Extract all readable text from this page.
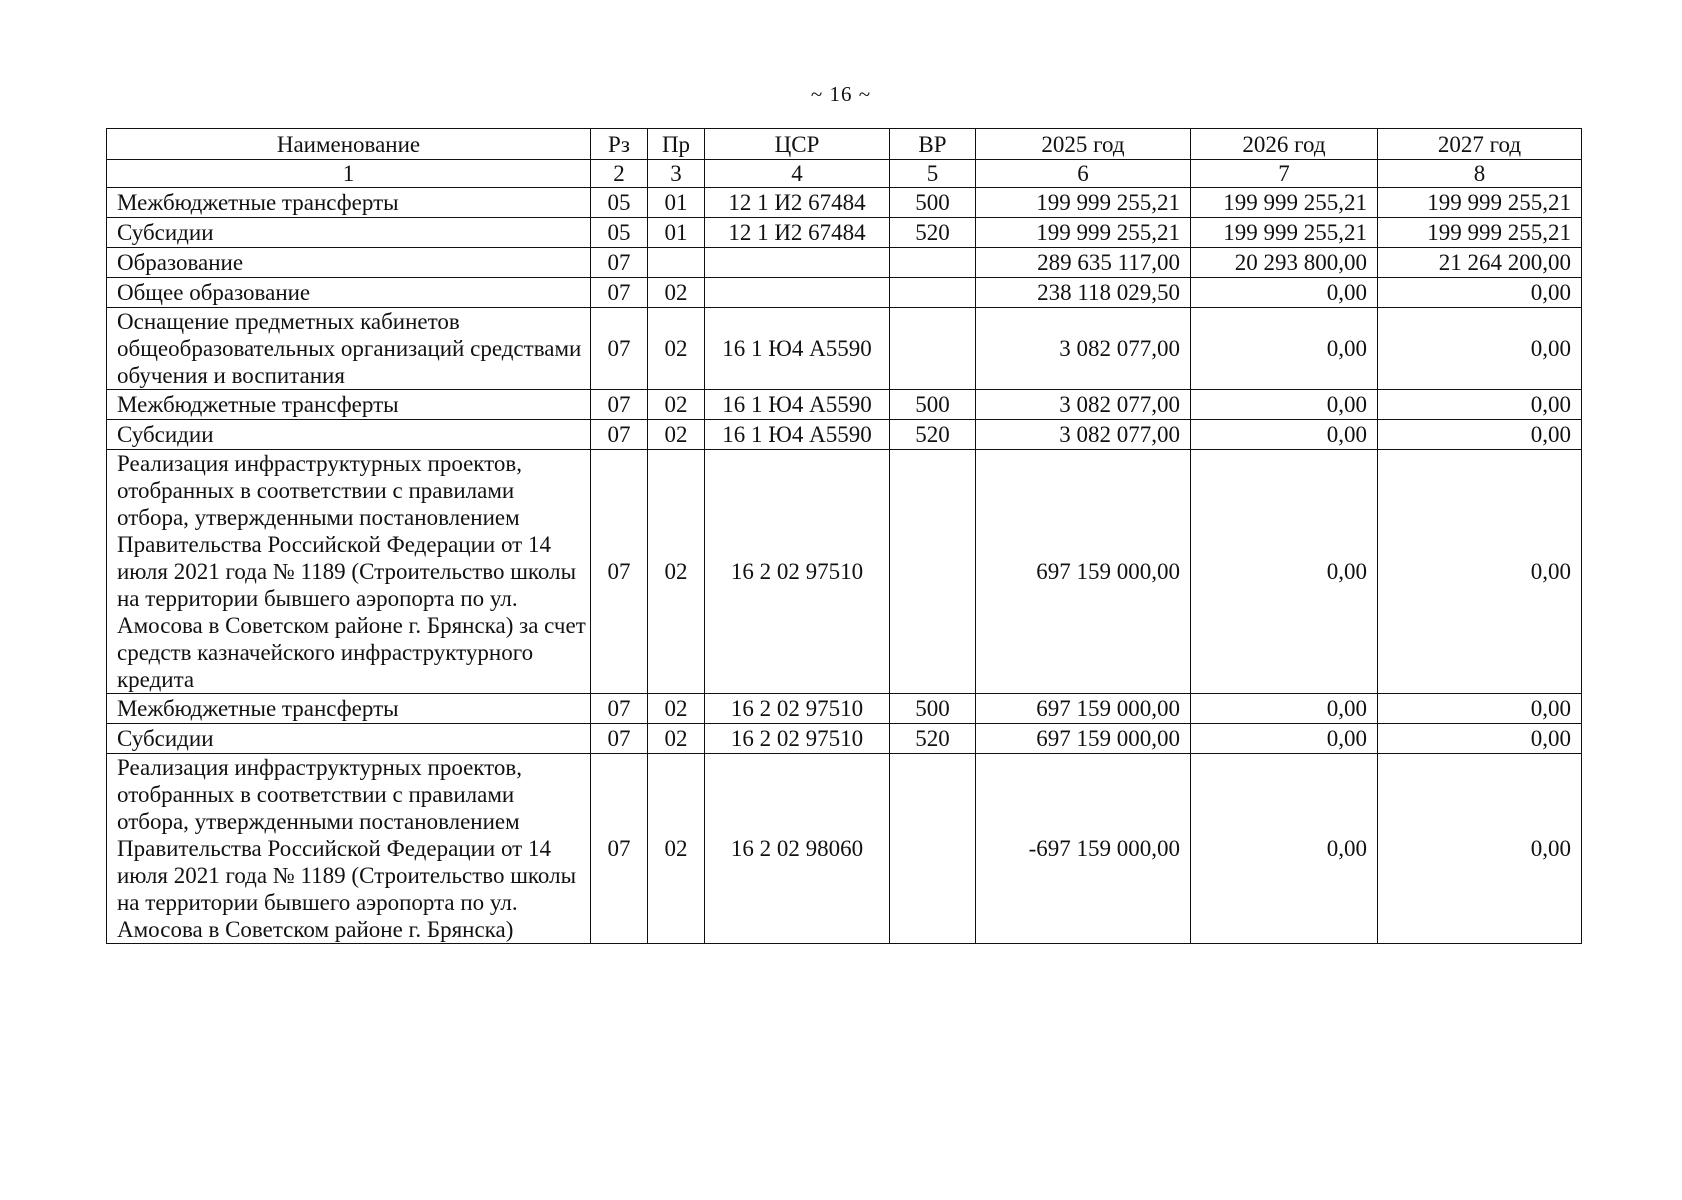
~ 16 ~
Наименование	Рз	Пр	ЦСР	ВР	2025 год	2026 год	2027 год
1	2	3	4	5	6	7	8
Межбюджетные трансферты	05	01	12 1 И2 67484	500	199 999 255,21	199 999 255,21	199 999 255,21
Субсидии	05	01	12 1 И2 67484	520	199 999 255,21	199 999 255,21	199 999 255,21
Образование	07				289 635 117,00	20 293 800,00	21 264 200,00
Общее образование	07	02			238 118 029,50	0,00	0,00
Оснащение предметных кабинетов общеобразовательных организаций средствами обучения и воспитания	07	02	16 1 Ю4 А5590		3 082 077,00	0,00	0,00
Межбюджетные трансферты	07	02	16 1 Ю4 А5590	500	3 082 077,00	0,00	0,00
Субсидии	07	02	16 1 Ю4 А5590	520	3 082 077,00	0,00	0,00
Реализация инфраструктурных проектов, отобранных в соответствии с правилами отбора, утвержденными постановлением Правительства Российской Федерации от 14 июля 2021 года № 1189 (Строительство школы на территории бывшего аэропорта по ул. Амосова в Советском районе г. Брянска) за счет средств казначейского инфраструктурного кредита	07	02	16 2 02 97510		697 159 000,00	0,00	0,00
Межбюджетные трансферты	07	02	16 2 02 97510	500	697 159 000,00	0,00	0,00
Субсидии	07	02	16 2 02 97510	520	697 159 000,00	0,00	0,00
Реализация инфраструктурных проектов, отобранных в соответствии с правилами отбора, утвержденными постановлением Правительства Российской Федерации от 14 июля 2021 года № 1189 (Строительство школы на территории бывшего аэропорта по ул. Амосова в Советском районе г. Брянска)	07	02	16 2 02 98060		-697 159 000,00	0,00	0,00
